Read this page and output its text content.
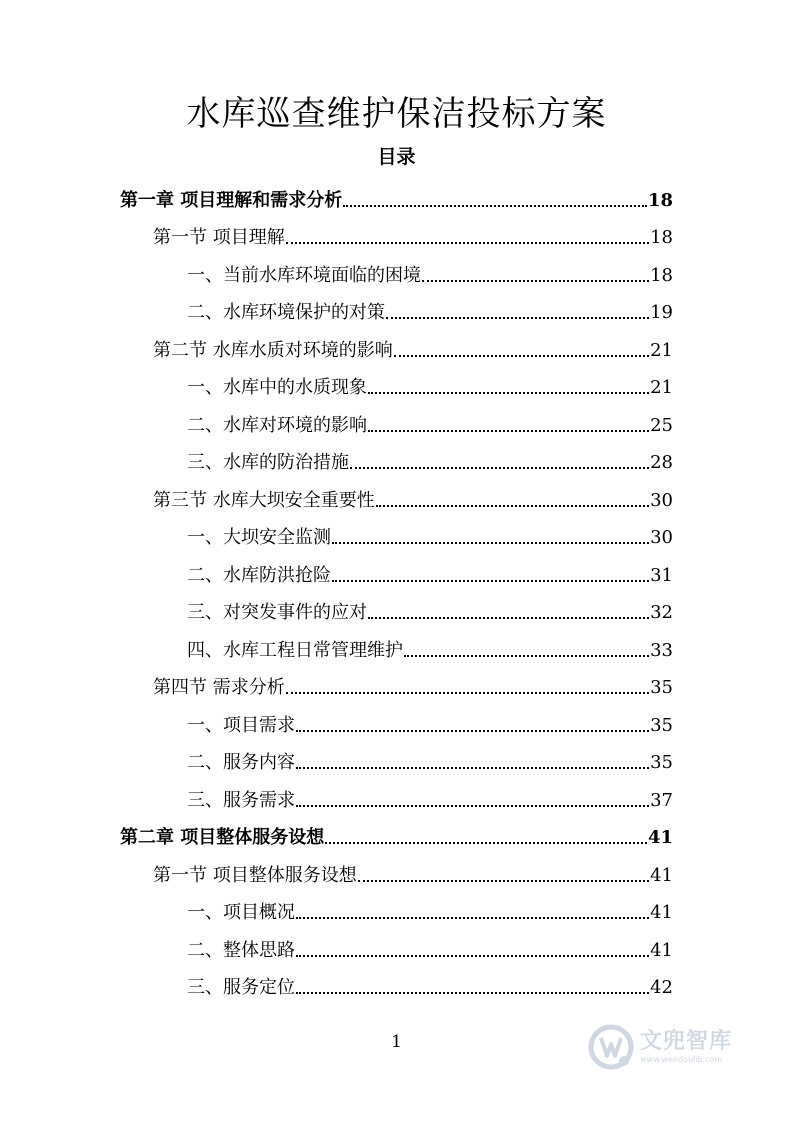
水库巡查维护保洁投标方案
目录
第一章 项目理解和需求分析	18
第一节 项目理解	18
一、当前水库环境面临的困境	18
二、水库环境保护的对策	19
第二节 水库水质对环境的影响	21
一、水库中的水质现象	21
二、水库对环境的影响	25
三、水库的防治措施	28
第三节 水库大坝安全重要性	30
一、大坝安全监测	30
二、水库防洪抢险	31
三、对突发事件的应对	32
四、水库工程日常管理维护	33
第四节 需求分析	35
一、项目需求	35
二、服务内容	35
三、服务需求	37
第二章 项目整体服务设想	41
第一节 项目整体服务设想	41
一、项目概况	41
二、整体思路	41
三、服务定位	42
1	文兜智库
www.wendoulib.com
